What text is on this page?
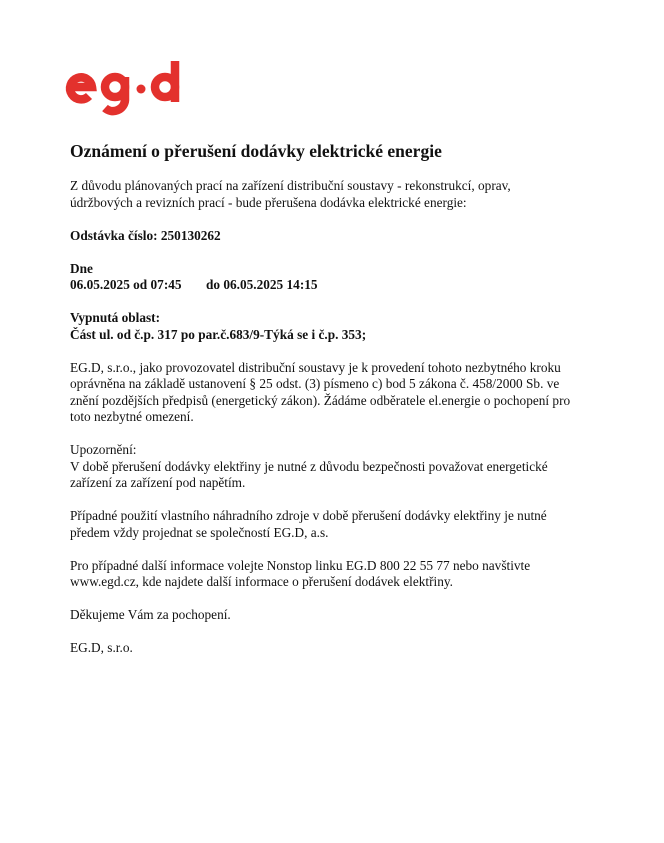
Oznámení o přerušení dodávky elektrické energie

Z důvodu plánovaných prací na zařízení distribuční soustavy - rekonstrukcí, oprav,

údržbových a revizních prací - bude přerušena dodávka elektrické energie:

Odstávka číslo: 250130262

Dne

06.05.2025 od 07:45 do 06.05.2025 14:15

Vypnutá oblast:

Část ul. od č.p. 317 po par.č.683/9-Týká se i č.p. 353;

EG.D, s.r.o., jako provozovatel distribuční soustavy je k provedení tohoto nezbytného kroku

oprávněna na základě ustanovení § 25 odst. (3) písmeno c) bod 5 zákona č. 458/2000 Sb. ve

znění pozdějších předpisů (energetický zákon). Žádáme odběratele el.energie o pochopení pro

toto nezbytné omezení.

Upozornění:

V době přerušení dodávky elektřiny je nutné z důvodu bezpečnosti považovat energetické

zařízení za zařízení pod napětím.

Případné použití vlastního náhradního zdroje v době přerušení dodávky elektřiny je nutné

předem vždy projednat se společností EG.D, a.s.

Pro případné další informace volejte Nonstop linku EG.D 800 22 55 77 nebo navštivte

www.egd.cz, kde najdete další informace o přerušení dodávek elektřiny.

Děkujeme Vám za pochopení.

EG.D, s.r.o.
